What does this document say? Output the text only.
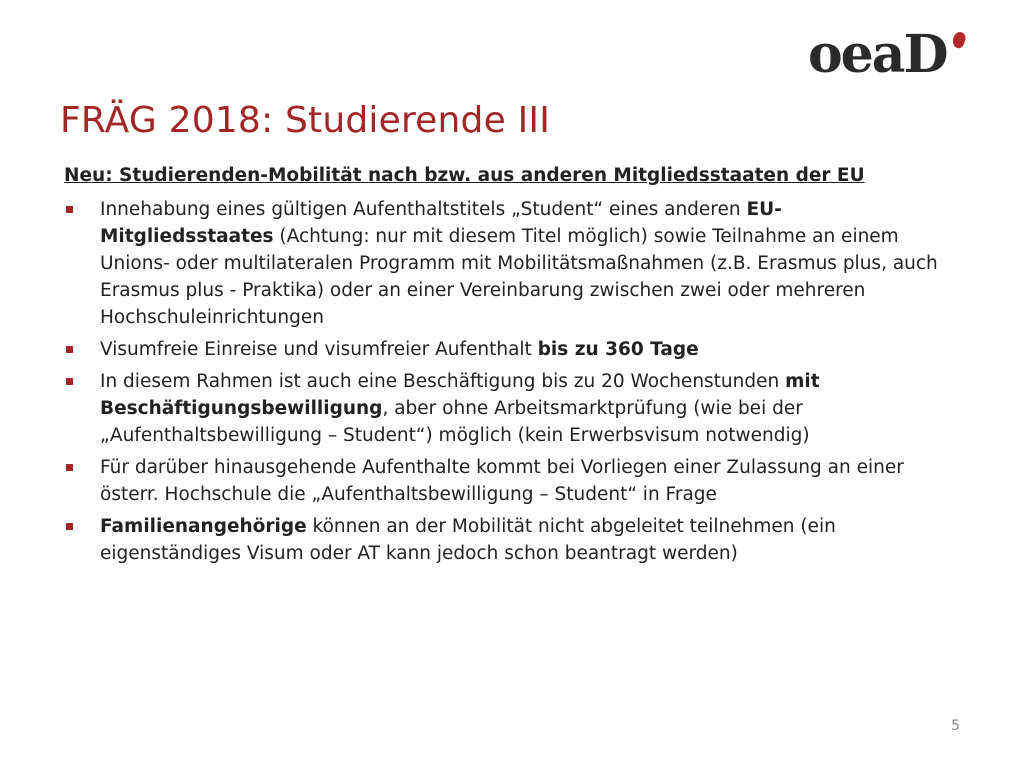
oeaD
FRÄG 2018: Studierende III

Neu: Studierenden-Mobilität nach bzw. aus anderen Mitgliedsstaaten der EU

Innehabung eines gültigen Aufenthaltstitels „Student“ eines anderen EU-Mitgliedsstaates (Achtung: nur mit diesem Titel möglich) sowie Teilnahme an einem Unions- oder multilateralen Programm mit Mobilitätsmaßnahmen (z.B. Erasmus plus, auch Erasmus plus - Praktika) oder an einer Vereinbarung zwischen zwei oder mehreren Hochschuleinrichtungen
Visumfreie Einreise und visumfreier Aufenthalt bis zu 360 Tage
In diesem Rahmen ist auch eine Beschäftigung bis zu 20 Wochenstunden mit Beschäftigungsbewilligung, aber ohne Arbeitsmarktprüfung (wie bei der „Aufenthaltsbewilligung – Student“) möglich (kein Erwerbsvisum notwendig)
Für darüber hinausgehende Aufenthalte kommt bei Vorliegen einer Zulassung an einer österr. Hochschule die „Aufenthaltsbewilligung – Student“ in Frage
Familienangehörige können an der Mobilität nicht abgeleitet teilnehmen (ein eigenständiges Visum oder AT kann jedoch schon beantragt werden)
5
